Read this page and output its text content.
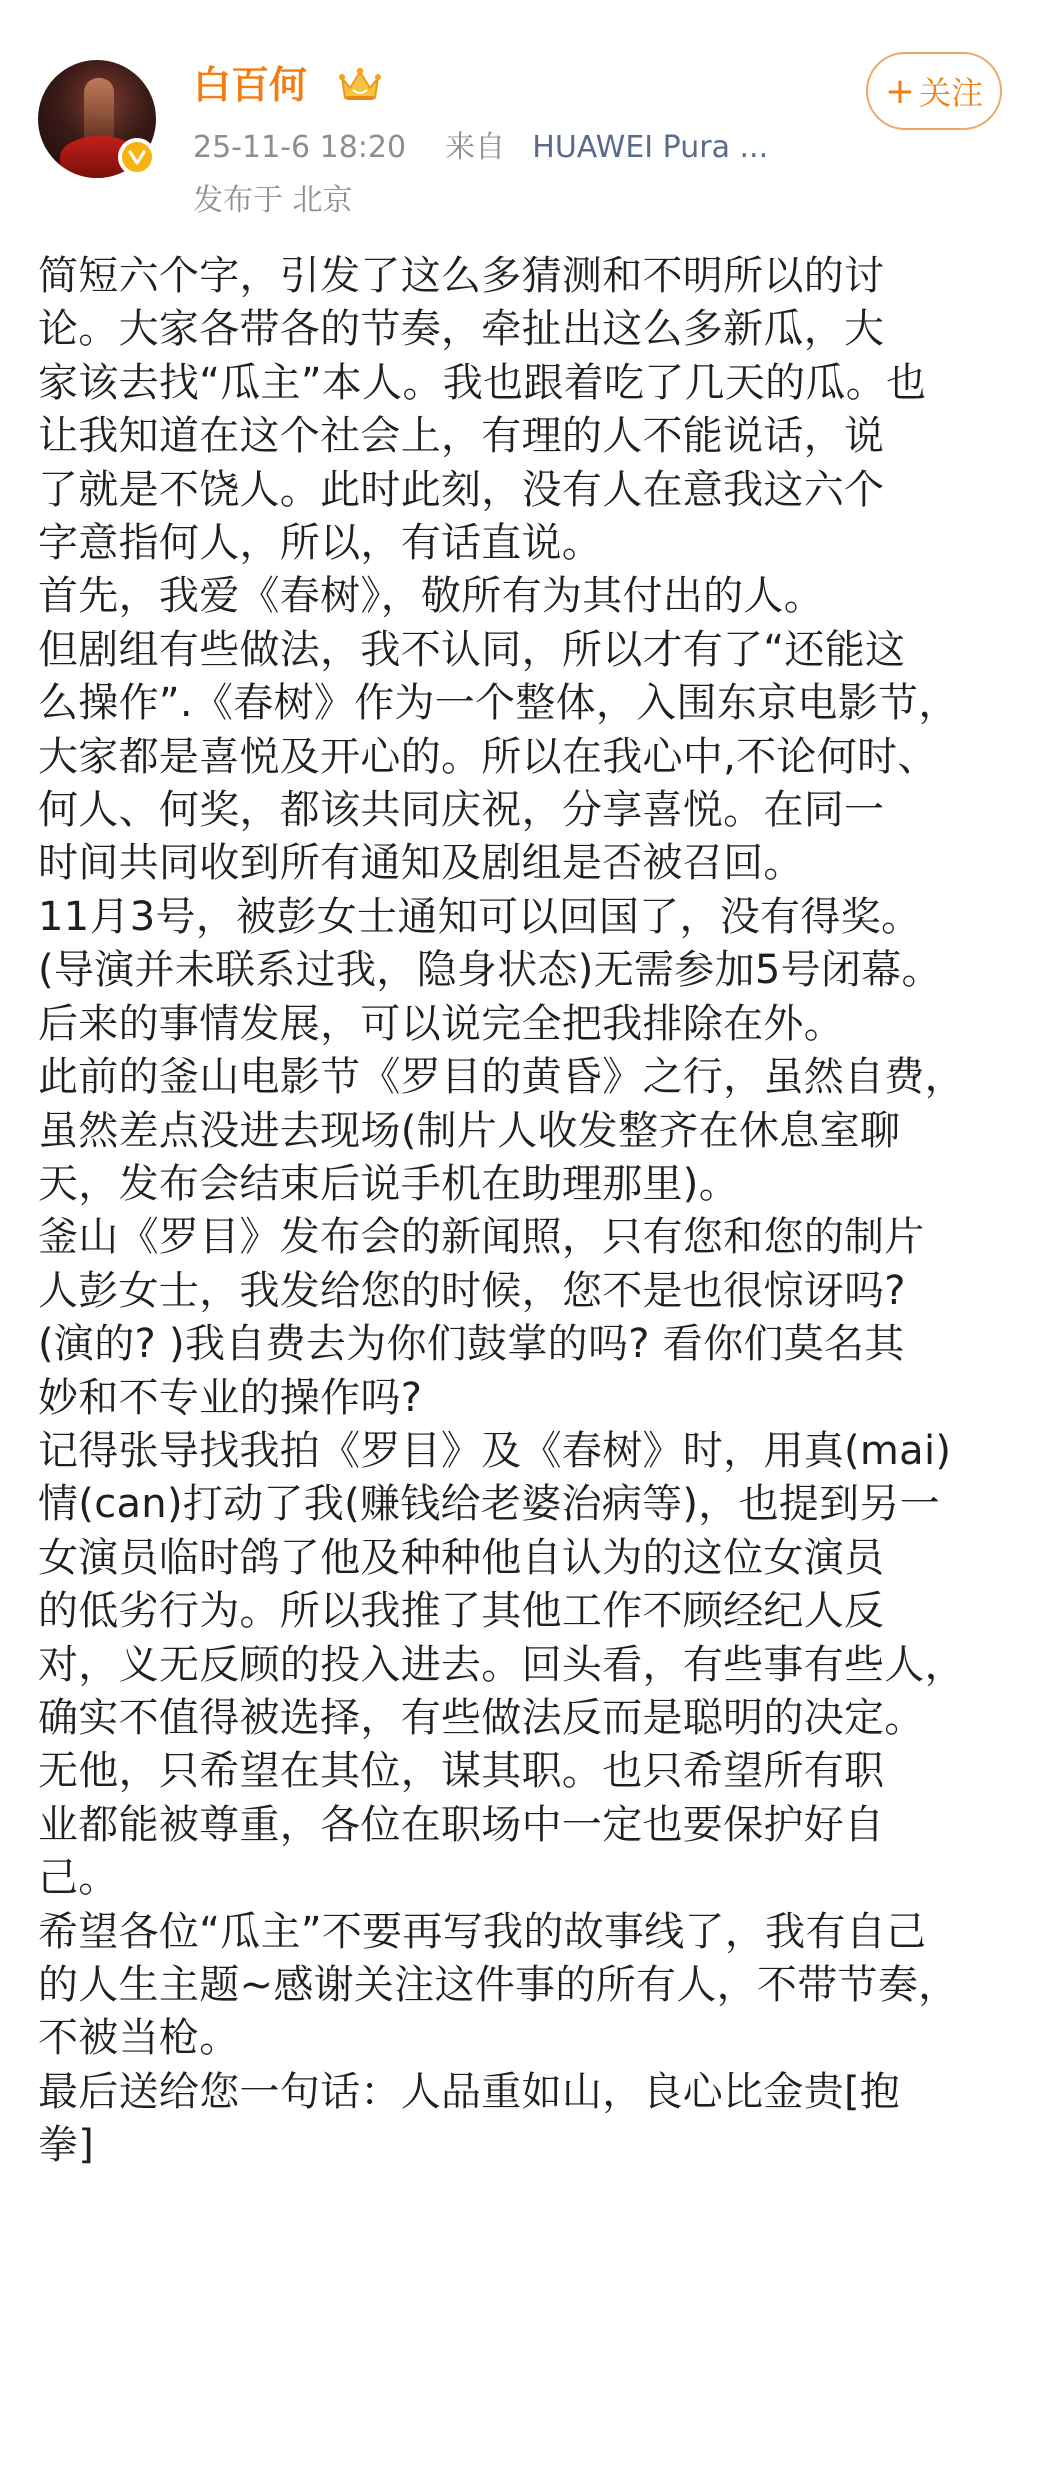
白百何
25-11-6 18:20 来自 HUAWEI Pura ...
发布于 北京
+ 关注
简短六个字，引发了这么多猜测和不明所以的讨
论。大家各带各的节奏，牵扯出这么多新瓜，大
家该去找“瓜主”本人。我也跟着吃了几天的瓜。也
让我知道在这个社会上，有理的人不能说话，说
了就是不饶人。此时此刻，没有人在意我这六个
字意指何人，所以，有话直说。
首先，我爱《春树》，敬所有为其付出的人。
但剧组有些做法，我不认同，所以才有了“还能这
么操作”.《春树》作为一个整体，入围东京电影节，
大家都是喜悦及开心的。所以在我心中,不论何时、
何人、何奖，都该共同庆祝，分享喜悦。在同一
时间共同收到所有通知及剧组是否被召回。
11月3号，被彭女士通知可以回国了，没有得奖。
(导演并未联系过我，隐身状态)无需参加5号闭幕。
后来的事情发展，可以说完全把我排除在外。
此前的釜山电影节《罗目的黄昏》之行，虽然自费，
虽然差点没进去现场(制片人收发整齐在休息室聊
天，发布会结束后说手机在助理那里)。
釜山《罗目》发布会的新闻照，只有您和您的制片
人彭女士，我发给您的时候，您不是也很惊讶吗?
(演的? )我自费去为你们鼓掌的吗? 看你们莫名其
妙和不专业的操作吗?
记得张导找我拍《罗目》及《春树》时，用真(mai)
情(can)打动了我(赚钱给老婆治病等)，也提到另一
女演员临时鸽了他及种种他自认为的这位女演员
的低劣行为。所以我推了其他工作不顾经纪人反
对，义无反顾的投入进去。回头看，有些事有些人，
确实不值得被选择，有些做法反而是聪明的决定。
无他，只希望在其位，谋其职。也只希望所有职
业都能被尊重，各位在职场中一定也要保护好自
己。
希望各位“瓜主”不要再写我的故事线了，我有自己
的人生主题~感谢关注这件事的所有人，不带节奏，
不被当枪。
最后送给您一句话：人品重如山，良心比金贵[抱
拳]
